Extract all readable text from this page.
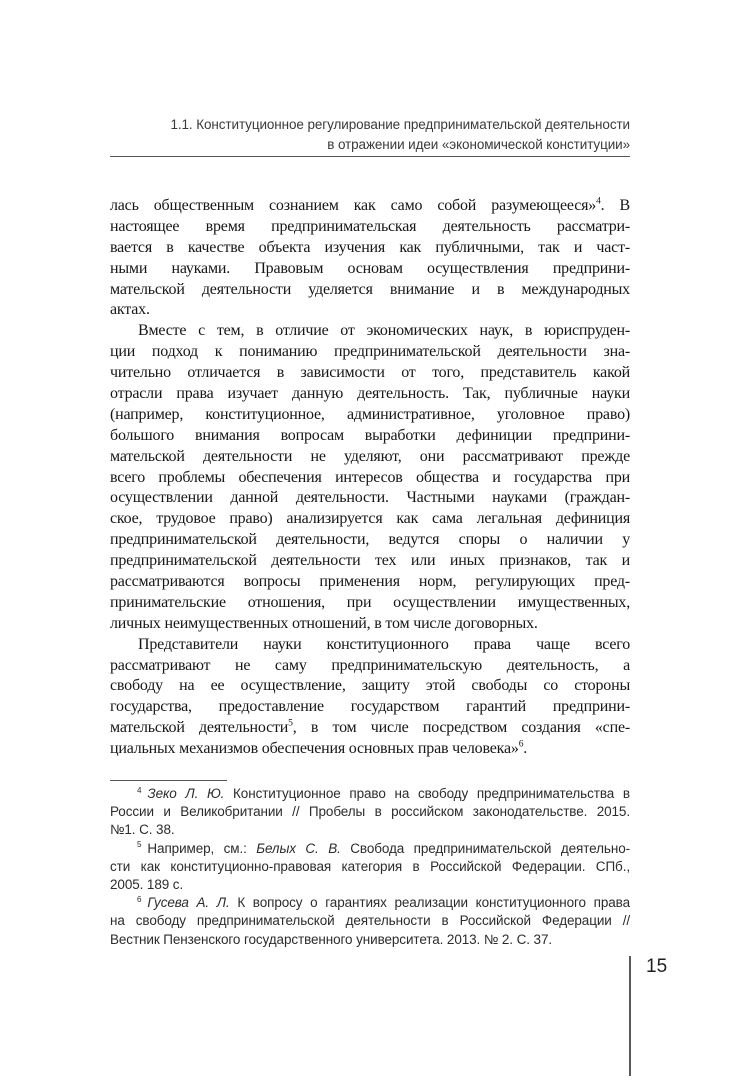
1.1. Конституционное регулирование предпринимательской деятельности
в отражении идеи «экономической конституции»
лась общественным сознанием как само собой разумеющееся»$^4$. В
настоящее время предпринимательская деятельность рассматри-
вается в качестве объекта изучения как публичными, так и част-
ными науками. Правовым основам осуществления предприни-
мательской деятельности уделяется внимание и в международных
актах.
Вместе с тем, в отличие от экономических наук, в юриспруден-
ции подход к пониманию предпринимательской деятельности зна-
чительно отличается в зависимости от того, представитель какой
отрасли права изучает данную деятельность. Так, публичные науки
(например, конституционное, административное, уголовное право)
большого внимания вопросам выработки дефиниции предприни-
мательской деятельности не уделяют, они рассматривают прежде
всего проблемы обеспечения интересов общества и государства при
осуществлении данной деятельности. Частными науками (граждан-
ское, трудовое право) анализируется как сама легальная дефиниция
предпринимательской деятельности, ведутся споры о наличии у
предпринимательской деятельности тех или иных признаков, так и
рассматриваются вопросы применения норм, регулирующих пред-
принимательские отношения, при осуществлении имущественных,
личных неимущественных отношений, в том числе договорных.
Представители науки конституционного права чаще всего
рассматривают не саму предпринимательскую деятельность, а
свободу на ее осуществление, защиту этой свободы со стороны
государства, предоставление государством гарантий предприни-
мательской деятельности$^5$, в том числе посредством создания «спе-
циальных механизмов обеспечения основных прав человека»$^6$.
$^4$ Зеко Л. Ю. Конституционное право на свободу предпринимательства в
России и Великобритании // Пробелы в российском законодательстве. 2015.
№1. С. 38.
$^5$ Например, см.: Белых С. В. Свобода предпринимательской деятельно-
сти как конституционно-правовая категория в Российской Федерации. СПб.,
2005. 189 с.
$^6$ Гусева А. Л. К вопросу о гарантиях реализации конституционного права
на свободу предпринимательской деятельности в Российской Федерации //
Вестник Пензенского государственного университета. 2013. № 2. С. 37.
15
